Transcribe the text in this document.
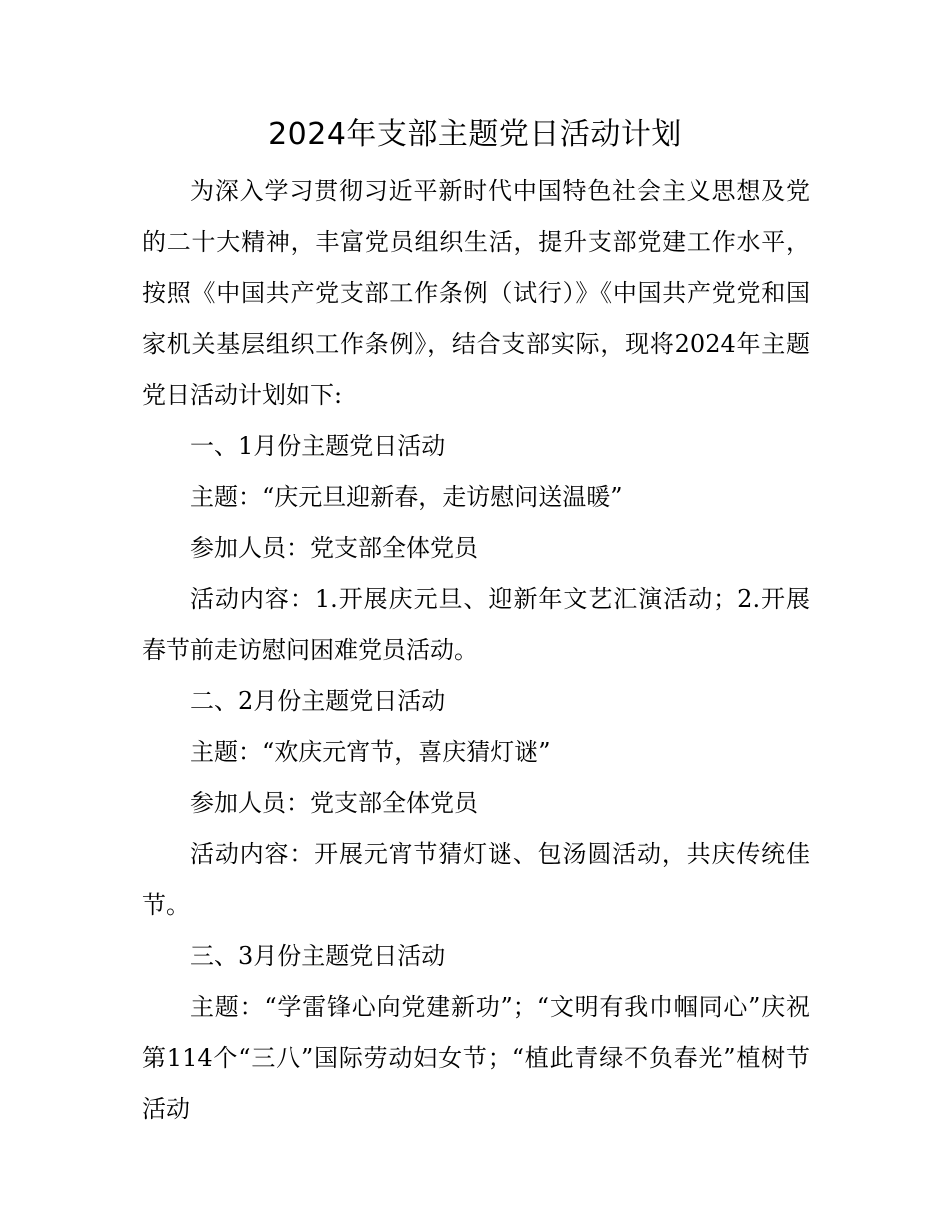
2024年支部主题党日活动计划

为深入学习贯彻习近平新时代中国特色社会主义思想及党的二十大精神，丰富党员组织生活，提升支部党建工作水平，按照《中国共产党支部工作条例（试行）》《中国共产党党和国家机关基层组织工作条例》，结合支部实际，现将2024年主题党日活动计划如下:

一、1月份主题党日活动

主题：“庆元旦迎新春，走访慰问送温暖”

参加人员：党支部全体党员

活动内容：1.开展庆元旦、迎新年文艺汇演活动；2.开展春节前走访慰问困难党员活动。

二、2月份主题党日活动

主题：“欢庆元宵节，喜庆猜灯谜”

参加人员：党支部全体党员

活动内容：开展元宵节猜灯谜、包汤圆活动，共庆传统佳节。

三、3月份主题党日活动

主题：“学雷锋心向党建新功”；“文明有我巾帼同心”庆祝第114个“三八”国际劳动妇女节；“植此青绿不负春光”植树节活动
